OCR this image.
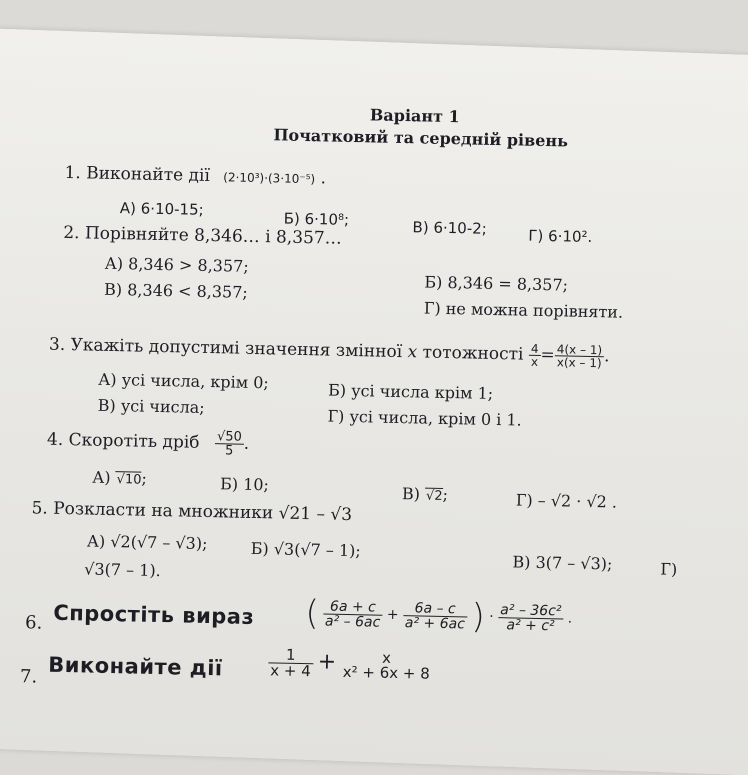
Варіант 1
Початковий та середній рівень
1. Виконайте дії (2·10³)·(3·10⁻⁵) .
А) 6·10-15;
Б) 6·10⁸;	В) 6·10-2;	Г) 6·10².
2. Порівняйте 8,346… і 8,357…
А) 8,346 > 8,357;
В) 8,346 < 8,357;	Б) 8,346 = 8,357;
Г) не можна порівняти.
3. Укажіть допустимі значення змінної x тотожності $\frac{4}{x} = \frac{4(x - 1)}{x(x - 1)}$ .
А) усі числа, крім 0;	Б) усі числа крім 1;
В) усі числа;
Г) усі числа, крім 0 і 1.
4. Скоротіть дріб $\frac{√50}{5}$ .
А) √10;	Б) 10;	В) √2;	Г) – √2 · √2 .
5. Розкласти на множники √21 – √3
А) √2(√7 – √3);	Б) √3(√7 – 1);
В) 3(7 – √3);	Г)
√3(7 – 1).
6. Спростіть вираз ( $\frac{6a + c}{\text{a² – 6ac}} + \frac{6a - c}{\text{a² + 6ac}}$ ) · $\frac{\text{a² – 36c²}}{\text{a² + c²}}$ .
7. Виконайте дії	$\frac{1}{x + 4}$ +	x
x² + 6x + 8
